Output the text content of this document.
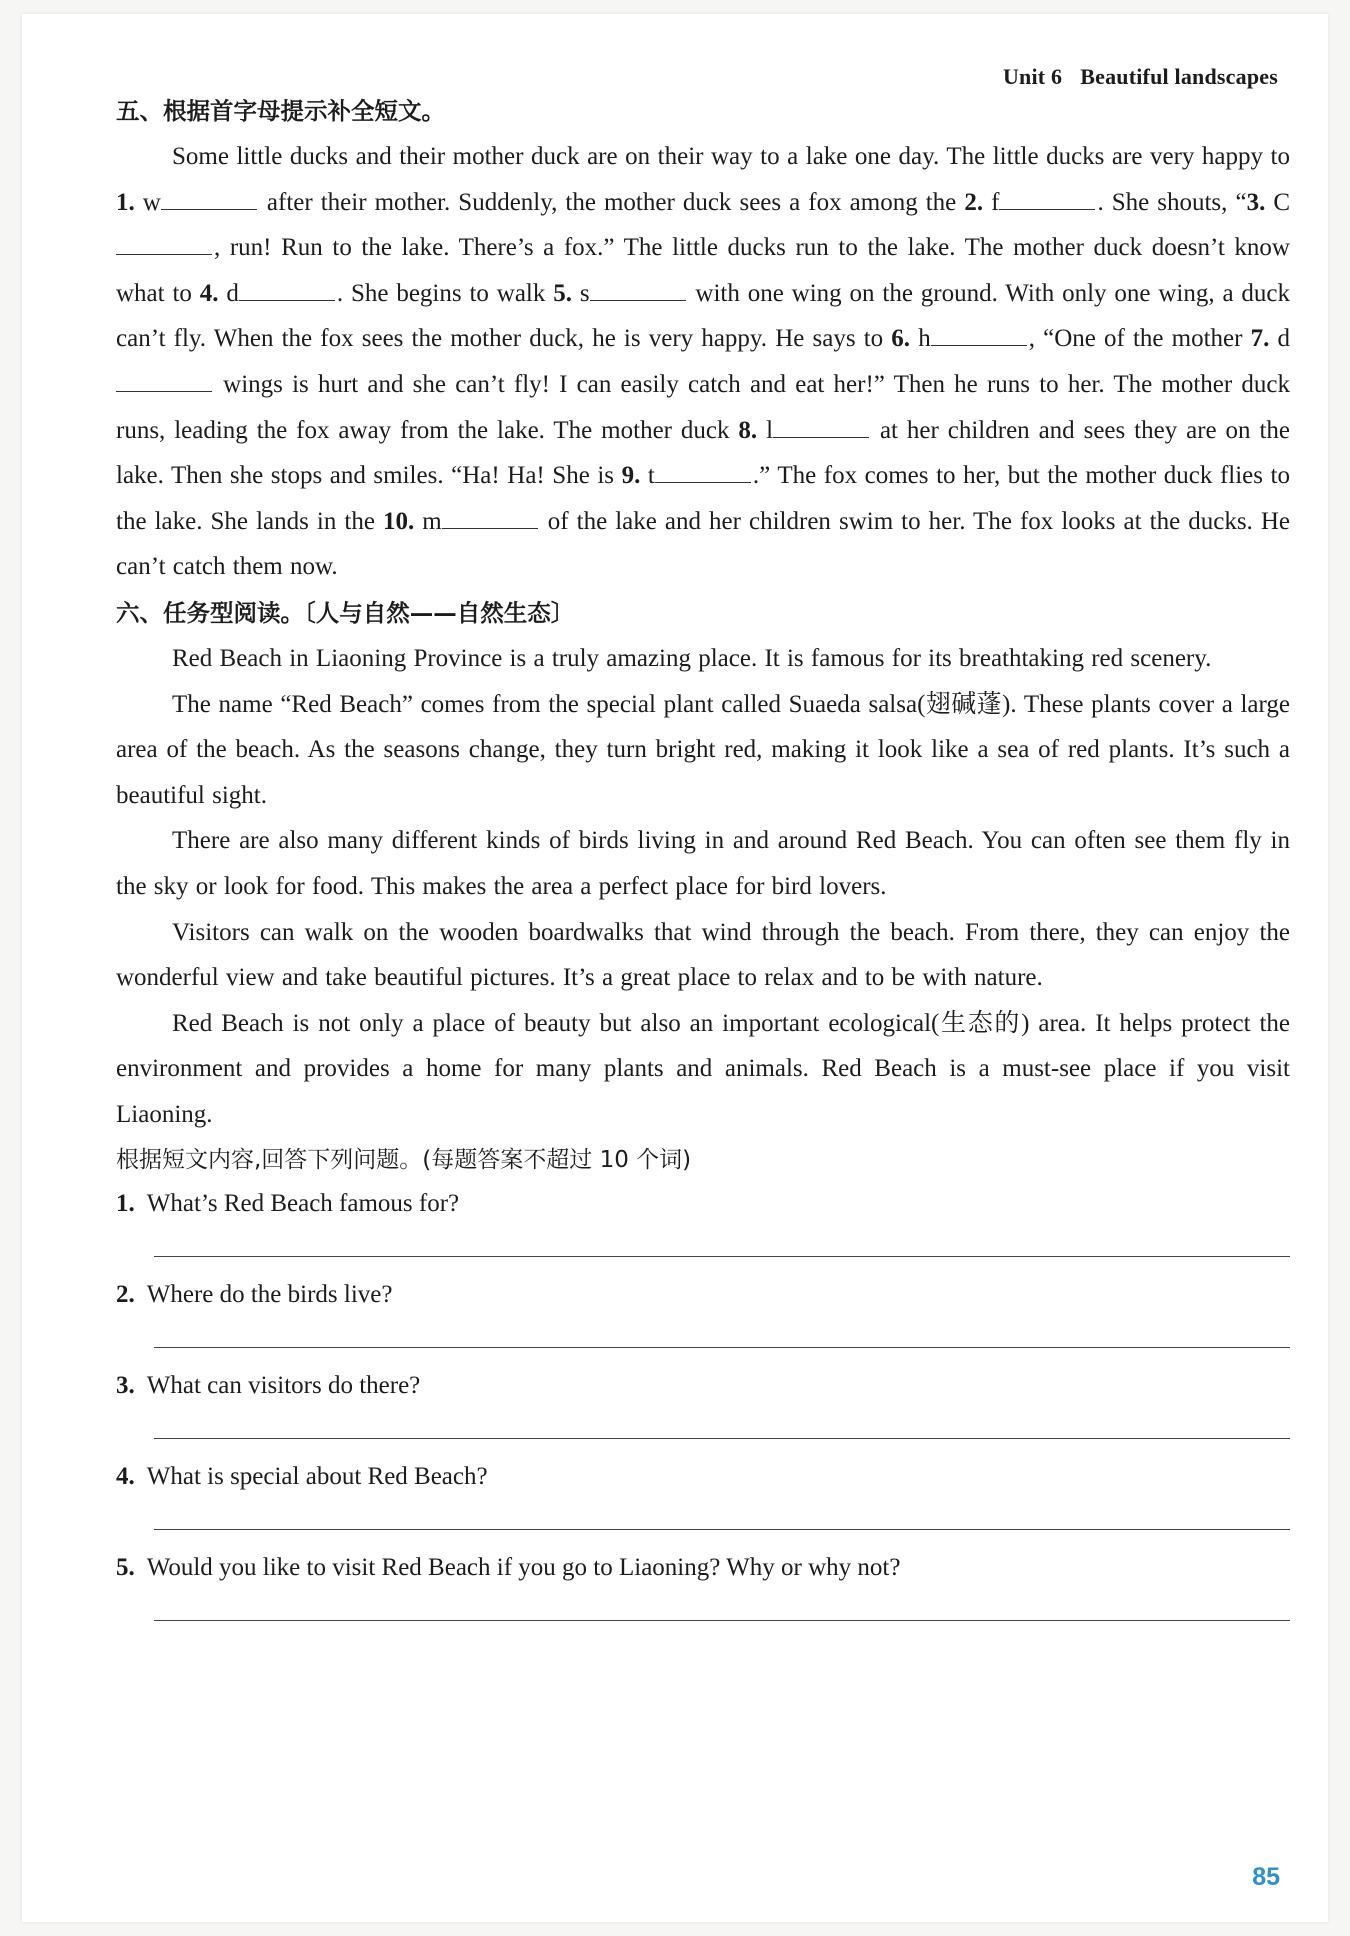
Unit 6 Beautiful landscapes

五、根据首字母提示补全短文。

Some little ducks and their mother duck are on their way to a lake one day. The little ducks are very happy to 1. w	after their mother. Suddenly, the mother duck sees a fox among the 2. f	. She shouts, “3. C, run! Run to the lake. There’s a fox.” The little ducks run to the lake. The mother duck doesn’t know what to 4. d	. She begins to walk 5. s	with one wing on the ground. With only one wing, a duck can’t fly. When the fox sees the mother duck, he is very happy. He says to 6. h	, “One of the mother 7. d wings is hurt and she can’t fly! I can easily catch and eat her!” Then he runs to her. The mother duck runs, leading the fox away from the lake. The mother duck 8. l	at her children and sees they are on the lake. Then she stops and smiles. “Ha! Ha! She is 9. t	.” The fox comes to her, but the mother duck flies to the lake. She lands in the 10. m	of the lake and her children swim to her. The fox looks at the ducks. He can’t catch them now.

六、任务型阅读。〔人与自然——自然生态〕

Red Beach in Liaoning Province is a truly amazing place. It is famous for its breathtaking red scenery.

The name “Red Beach” comes from the special plant called Suaeda salsa(翅碱蓬). These plants cover a large area of the beach. As the seasons change, they turn bright red, making it look like a sea of red plants. It’s such a beautiful sight.

There are also many different kinds of birds living in and around Red Beach. You can often see them fly in the sky or look for food. This makes the area a perfect place for bird lovers.

Visitors can walk on the wooden boardwalks that wind through the beach. From there, they can enjoy the wonderful view and take beautiful pictures. It’s a great place to relax and to be with nature.

Red Beach is not only a place of beauty but also an important ecological(生态的) area. It helps protect the environment and provides a home for many plants and animals. Red Beach is a must-see place if you visit Liaoning.

根据短文内容,回答下列问题。(每题答案不超过 10 个词)

1. What’s Red Beach famous for?
2. Where do the birds live?
3. What can visitors do there?
4. What is special about Red Beach?
5. Would you like to visit Red Beach if you go to Liaoning? Why or why not?
85
